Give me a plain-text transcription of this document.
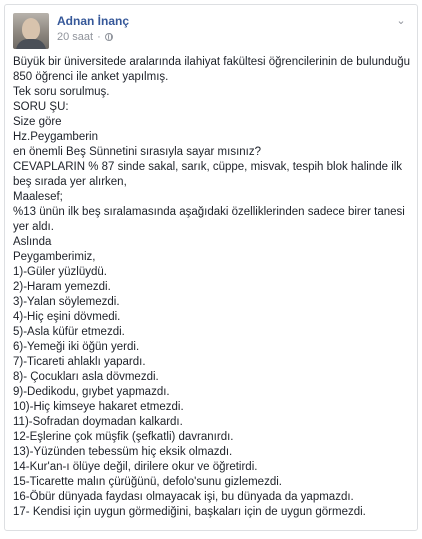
Adnan İnanç
20 saat ·
⌄
Büyük bir üniversitede aralarında ilahiyat fakültesi öğrencilerinin de bulunduğu
850 öğrenci ile anket yapılmış.
Tek soru sorulmuş.
SORU ŞU:
Size göre
Hz.Peygamberin
en önemli Beş Sünnetini sırasıyla sayar mısınız?
CEVAPLARIN % 87 sinde sakal, sarık, cüppe, misvak, tespih blok halinde ilk
beş sırada yer alırken,
Maalesef;
%13 ünün ilk beş sıralamasında aşağıdaki özelliklerinden sadece birer tanesi
yer aldı.
Aslında
Peygamberimiz,
1)-Güler yüzlüydü.
2)-Haram yemezdi.
3)-Yalan söylemezdi.
4)-Hiç eşini dövmedi.
5)-Asla küfür etmezdi.
6)-Yemeği iki öğün yerdi.
7)-Ticareti ahlaklı yapardı.
8)- Çocukları asla dövmezdi.
9)-Dedikodu, gıybet yapmazdı.
10)-Hiç kimseye hakaret etmezdi.
11)-Sofradan doymadan kalkardı.
12-Eşlerine çok müşfik (şefkatli) davranırdı.
13)-Yüzünden tebessüm hiç eksik olmazdı.
14-Kur'an-ı ölüye değil, dirilere okur ve öğretirdi.
15-Ticarette malın çürüğünü, defolo'sunu gizlemezdi.
16-Öbür dünyada faydası olmayacak işi, bu dünyada da yapmazdı.
17- Kendisi için uygun görmediğini, başkaları için de uygun görmezdi.
